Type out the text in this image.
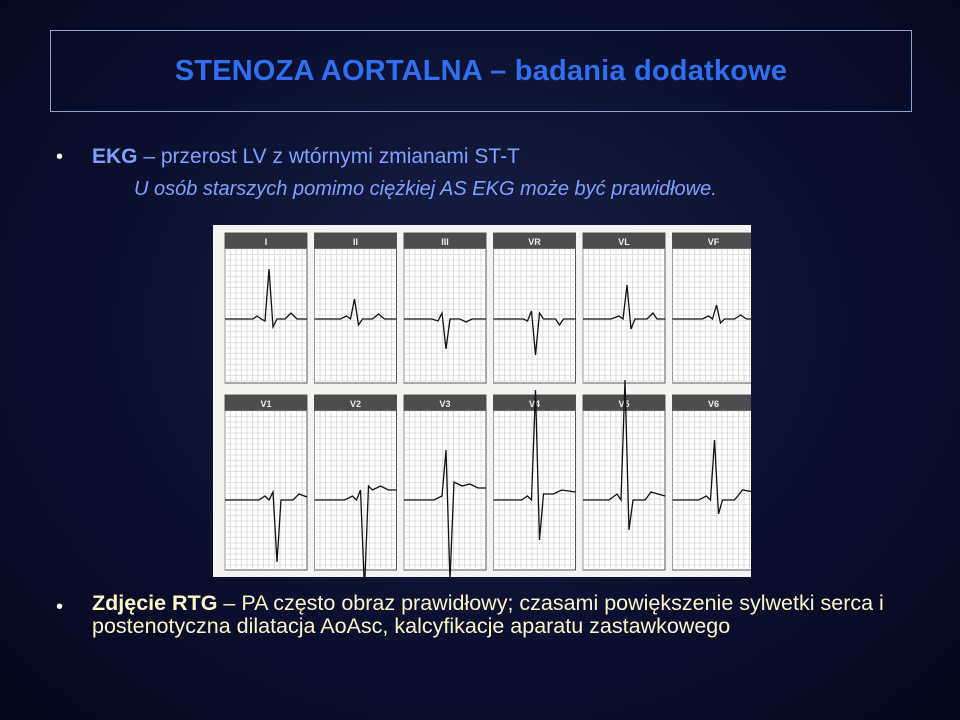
STENOZA AORTALNA – badania dodatkowe
• EKG – przerost LV z wtórnymi zmianami ST-T
U osób starszych pomimo ciężkiej AS EKG może być prawidłowe.
I	II	III	VR	VL	VF
V1	V2	V3	V4	V5	V6
• Zdjęcie RTG – PA często obraz prawidłowy; czasami powiększenie sylwetki serca i postenotyczna dilatacja AoAsc, kalcyfikacje aparatu zastawkowego
